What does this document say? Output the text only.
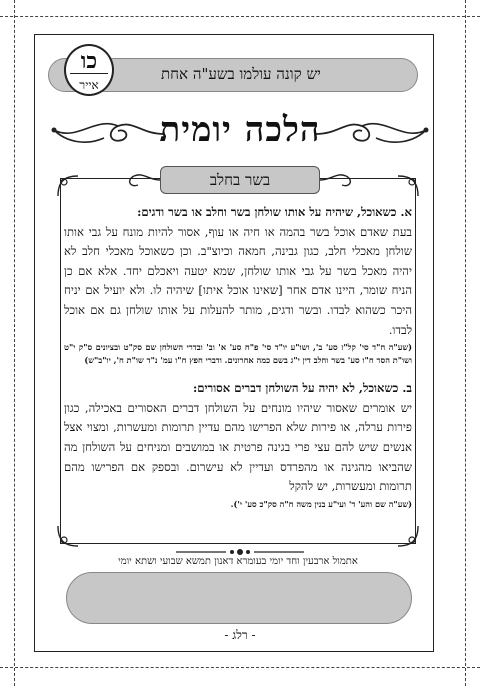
יש קונה עולמו בשע"ה אחת
כו
אייר
הלכה יומית
בשר בחלב

א. כשאוכל, שיהיה על אותו שולחן בשר וחלב או בשר ודגים:

בעת שאדם אוכל בשר בהמה או חיה או עוף, אסור להיות מונח על גבי אותו שולחן מאכלי חלב, כגון גבינה, חמאה וכיוצ"ב. וכן כשאוכל מאכלי חלב לא יהיה מאכל בשר על גבי אותו שולחן, שמא יטעה ויאכלם יחד. אלא אם כן הניח שומר, היינו אדם אחר [שאינו אוכל איתו] שיהיה לו. ולא יועיל אם יניח היכר כשהוא לבדו. ובשר ודגים, מותר להעלות על אותו שולחן גם אם אוכל לבדו.

(שע"ה ח"ד סי' קל"ז סע' ב', ושו"ע יו"ד סי' פ"ח סע' א' וב' ובדרי השולחן שם סק"ט ובציונים ס"ק י"ט ושו"ת הסר ח"ו סע' בשר וחלב דין י"ג בשם כמה אחרונים. ודברי חפץ ח"ו עמ' נ"ד שו"ת ח', יו"ב"ש)

ב. כשאוכל, לא יהיה על השולחן דברים אסורים:

יש אומרים שאסור שיהיו מונחים על השולחן דברים האסורים באכילה, כגון פירות ערלה, או פירות שלא הפרישו מהם עדיין תרומות ומעשרות, ומצוי אצל אנשים שיש להם עצי פרי בגינה פרטית או במושבים ומניחים על השולחן מה שהביאו מהגינה או מהפרדס ועדיין לא עישרום. ובספק אם הפרישו מהם תרומות ומעשרות, יש להקל

(שע"ה שם והע' ד' ועי"ע בנין משה ח"ה סק"כ סע' י').

אתמול ארבעין וחד יומי בעומרא דאנון תמשא שבועי ושתא יומי
- רלג -
